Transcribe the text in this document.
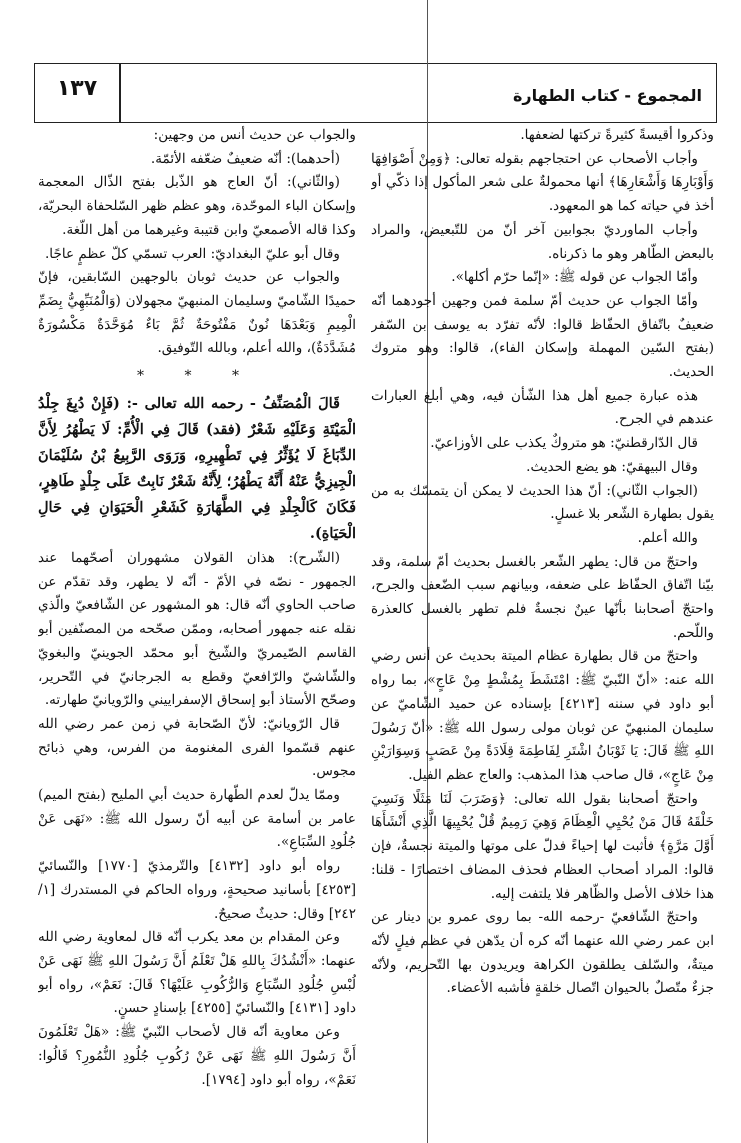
١٣٧	المجموع - كتاب الطهارة

وذكروا أقيسةً كثيرةً تركتها لضعفها.

وأجاب الأصحاب عن احتجاجهم بقوله تعالى: ﴿وَمِنْ أَصْوَافِهَا وَأَوْبَارِهَا وَأَشْعَارِهَا﴾ أنها محمولةٌ على شعر المأكول إذا ذكّي أو أخذ في حياته كما هو المعهود.

وأجاب الماورديّ بجوابين آخر أنّ من للتّبعيض، والمراد بالبعض الطّاهر وهو ما ذكرناه.

وأمّا الجواب عن قوله ﷺ: «إنّما حرّم أكلها».

وأمّا الجواب عن حديث أمّ سلمة فمن وجهين أجودهما أنّه ضعيفٌ باتّفاق الحفّاظ قالوا: لأنّه تفرّد به يوسف بن السّفر (بفتح السّين المهملة وإسكان الفاء)، قالوا: وهو متروك الحديث.

هذه عبارة جميع أهل هذا الشّأن فيه، وهي أبلغ العبارات عندهم في الجرح.

قال الدّارقطنيّ: هو متروكٌ يكذب على الأوزاعيّ.

وقال البيهقيّ: هو يضع الحديث.

(الجواب الثّاني): أنّ هذا الحديث لا يمكن أن يتمسّك به من يقول بطهارة الشّعر بلا غسلٍ.

والله أعلم.

واحتجّ من قال: يطهر الشّعر بالغسل بحديث أمّ سلمة، وقد بيّنا اتّفاق الحفّاظ على ضعفه، وبيانهم سبب الضّعف والجرح، واحتجّ أصحابنا بأنّها عينٌ نجسةٌ فلم تطهر بالغسل كالعذرة واللّحم.

واحتجّ من قال بطهارة عظام الميتة بحديث عن أنس رضي الله عنه: «أنّ النّبيّ ﷺ: امْتَشَطَ بِمُشْطٍ مِنْ عَاجٍ»، بما رواه أبو داود في سننه [٤٢١٣] بإسناده عن حميد الشّاميّ عن سليمان المنبهيّ عن ثوبان مولى رسول الله ﷺ: «أنّ رَسُولَ اللهِ ﷺ قَالَ: يَا ثَوْبَانُ اشْتَرِ لِفَاطِمَةَ قِلَادَةً مِنْ عَصَبٍ وَسِوَارَيْنِ مِنْ عَاجٍ»، قال صاحب هذا المذهب: والعاج عظم الفيل.

واحتجّ أصحابنا بقول الله تعالى: ﴿وَضَرَبَ لَنَا مَثَلًا وَنَسِيَ خَلْقَهُ قَالَ مَنْ يُحْيِي الْعِظَامَ وَهِيَ رَمِيمٌ قُلْ يُحْيِيهَا الَّذِي أَنْشَأَهَا أَوَّلَ مَرَّةٍ﴾ فأثبت لها إحياءً فدلّ على موتها والميتة نجسةٌ، فإن قالوا: المراد أصحاب العظام فحذف المضاف اختصارًا - قلنا: هذا خلاف الأصل والظّاهر فلا يلتفت إليه.

واحتجّ الشّافعيّ -رحمه الله- بما روى عمرو بن دينار عن ابن عمر رضي الله عنهما أنّه كره أن يدّهن في عظم فيلٍ لأنّه ميتةٌ، والسّلف يطلقون الكراهة ويريدون بها التّحريم، ولأنّه جزءٌ متّصلٌ بالحيوان اتّصال خلقةٍ فأشبه الأعضاء.

والجواب عن حديث أنس من وجهين:

(أحدهما): أنّه ضعيفٌ ضعّفه الأئمّة.

(والثّاني): أنّ العاج هو الذّبل بفتح الذّال المعجمة وإسكان الباء الموحّدة، وهو عظم ظهر السّلحفاة البحريّة، وكذا قاله الأصمعيّ وابن قتيبة وغيرهما من أهل اللّغة.

وقال أبو عليّ البغداديّ: العرب تسمّي كلّ عظمٍ عاجًا.

والجواب عن حديث ثوبان بالوجهين السّابقين، فإنّ حميدًا الشّاميّ وسليمان المنبهيّ مجهولان (وَالْمُنَبِّهِيُّ بِضَمِّ الْمِيمِ وَبَعْدَهَا نُونٌ مَفْتُوحَةٌ ثُمَّ بَاءٌ مُوَحَّدَةٌ مَكْسُورَةٌ مُشَدَّدَةٌ)، والله أعلم، وبالله التّوفيق.

* * *

قَالَ الْمُصَنِّفُ - رحمه الله تعالى -: (فَإِنْ دُبِغَ جِلْدُ الْمَيْتَةِ وَعَلَيْهِ شَعْرٌ (فقد) قَالَ فِي الْأُمِّ: لَا يَطْهُرُ لِأَنَّ الدِّبَاغَ لَا يُؤَثِّرُ فِي تَطْهِيرِهِ، وَرَوَى الرَّبِيعُ بْنُ سُلَيْمَانَ الْجِيزِيُّ عَنْهُ أَنَّهُ يَطْهُرُ؛ لِأَنَّهُ شَعْرٌ نَابِتٌ عَلَى جِلْدٍ طَاهِرٍ، فَكَانَ كَالْجِلْدِ فِي الطَّهَارَةِ كَشَعْرِ الْحَيَوَانِ فِي حَالِ الْحَيَاةِ).

(الشّرح): هذان القولان مشهوران أصحّهما عند الجمهور - نصّه في الأمّ - أنّه لا يطهر، وقد تقدّم عن صاحب الحاوي أنّه قال: هو المشهور عن الشّافعيّ والّذي نقله عنه جمهور أصحابه، وممّن صحّحه من المصنّفين أبو القاسم الصّيمريّ والشّيخ أبو محمّد الجوينيّ والبغويّ والشّاشيّ والرّافعيّ وقطع به الجرجانيّ في التّحرير، وصحّح الأستاذ أبو إسحاق الإسفراييني والرّويانيّ طهارته.

قال الرّويانيّ: لأنّ الصّحابة في زمن عمر رضي الله عنهم قسّموا الفرى المغنومة من الفرس، وهي ذبائح مجوس.

وممّا يدلّ لعدم الطّهارة حديث أبي المليح (بفتح الميم) عامر بن أسامة عن أبيه أنّ رسول الله ﷺ: «نَهَى عَنْ جُلُودِ السِّبَاعِ».

رواه أبو داود [٤١٣٢] والتّرمذيّ [١٧٧٠] والنّسائيّ [٤٢٥٣] بأسانيد صحيحةٍ، ورواه الحاكم في المستدرك [١/ ٢٤٢] وقال: حديثٌ صحيحٌ.

وعن المقدام بن معد يكرب أنّه قال لمعاوية رضي الله عنهما: «أَنْشُدُكَ بِاللهِ هَلْ تَعْلَمُ أَنَّ رَسُولَ اللهِ ﷺ نَهَى عَنْ لُبْسِ جُلُودِ السِّبَاعِ وَالرُّكُوبِ عَلَيْهَا؟ قَالَ: نَعَمْ»، رواه أبو داود [٤١٣١] والنّسائيّ [٤٢٥٥] بإسنادٍ حسنٍ.

وعن معاوية أنّه قال لأصحاب النّبيّ ﷺ: «هَلْ تَعْلَمُونَ أَنَّ رَسُولَ اللهِ ﷺ نَهَى عَنْ رُكُوبِ جُلُودِ النُّمُورِ؟ قَالُوا: نَعَمْ»، رواه أبو داود [١٧٩٤].
